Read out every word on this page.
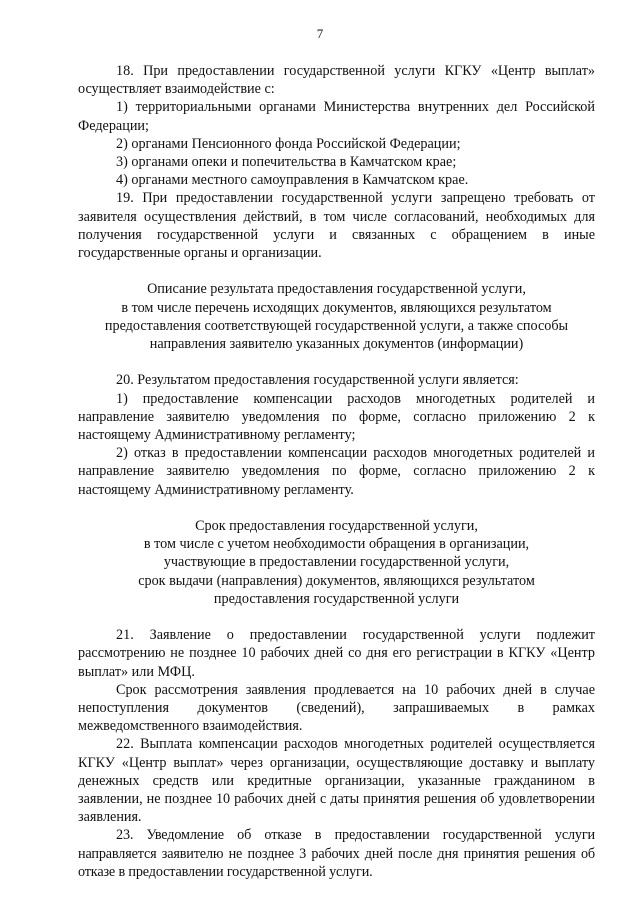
7

18. При предоставлении государственной услуги КГКУ «Центр выплат» осуществляет взаимодействие с:

1) территориальными органами Министерства внутренних дел Российской Федерации;

2) органами Пенсионного фонда Российской Федерации;

3) органами опеки и попечительства в Камчатском крае;

4) органами местного самоуправления в Камчатском крае.

19. При предоставлении государственной услуги запрещено требовать от заявителя осуществления действий, в том числе согласований, необходимых для получения государственной услуги и связанных с обращением в иные государственные органы и организации.

Описание результата предоставления государственной услуги,
в том числе перечень исходящих документов, являющихся результатом
предоставления соответствующей государственной услуги, а также способы
направления заявителю указанных документов (информации)

20. Результатом предоставления государственной услуги является:

1) предоставление компенсации расходов многодетных родителей и направление заявителю уведомления по форме, согласно приложению 2 к настоящему Административному регламенту;

2) отказ в предоставлении компенсации расходов многодетных родителей и направление заявителю уведомления по форме, согласно приложению 2 к настоящему Административному регламенту.

Срок предоставления государственной услуги,
в том числе с учетом необходимости обращения в организации,
участвующие в предоставлении государственной услуги,
срок выдачи (направления) документов, являющихся результатом
предоставления государственной услуги

21. Заявление о предоставлении государственной услуги подлежит рассмотрению не позднее 10 рабочих дней со дня его регистрации в КГКУ «Центр выплат» или МФЦ.

Срок рассмотрения заявления продлевается на 10 рабочих дней в случае непоступления документов (сведений), запрашиваемых в рамках межведомственного взаимодействия.

22. Выплата компенсации расходов многодетных родителей осуществляется КГКУ «Центр выплат» через организации, осуществляющие доставку и выплату денежных средств или кредитные организации, указанные гражданином в заявлении, не позднее 10 рабочих дней с даты принятия решения об удовлетворении заявления.

23. Уведомление об отказе в предоставлении государственной услуги направляется заявителю не позднее 3 рабочих дней после дня принятия решения об отказе в предоставлении государственной услуги.
